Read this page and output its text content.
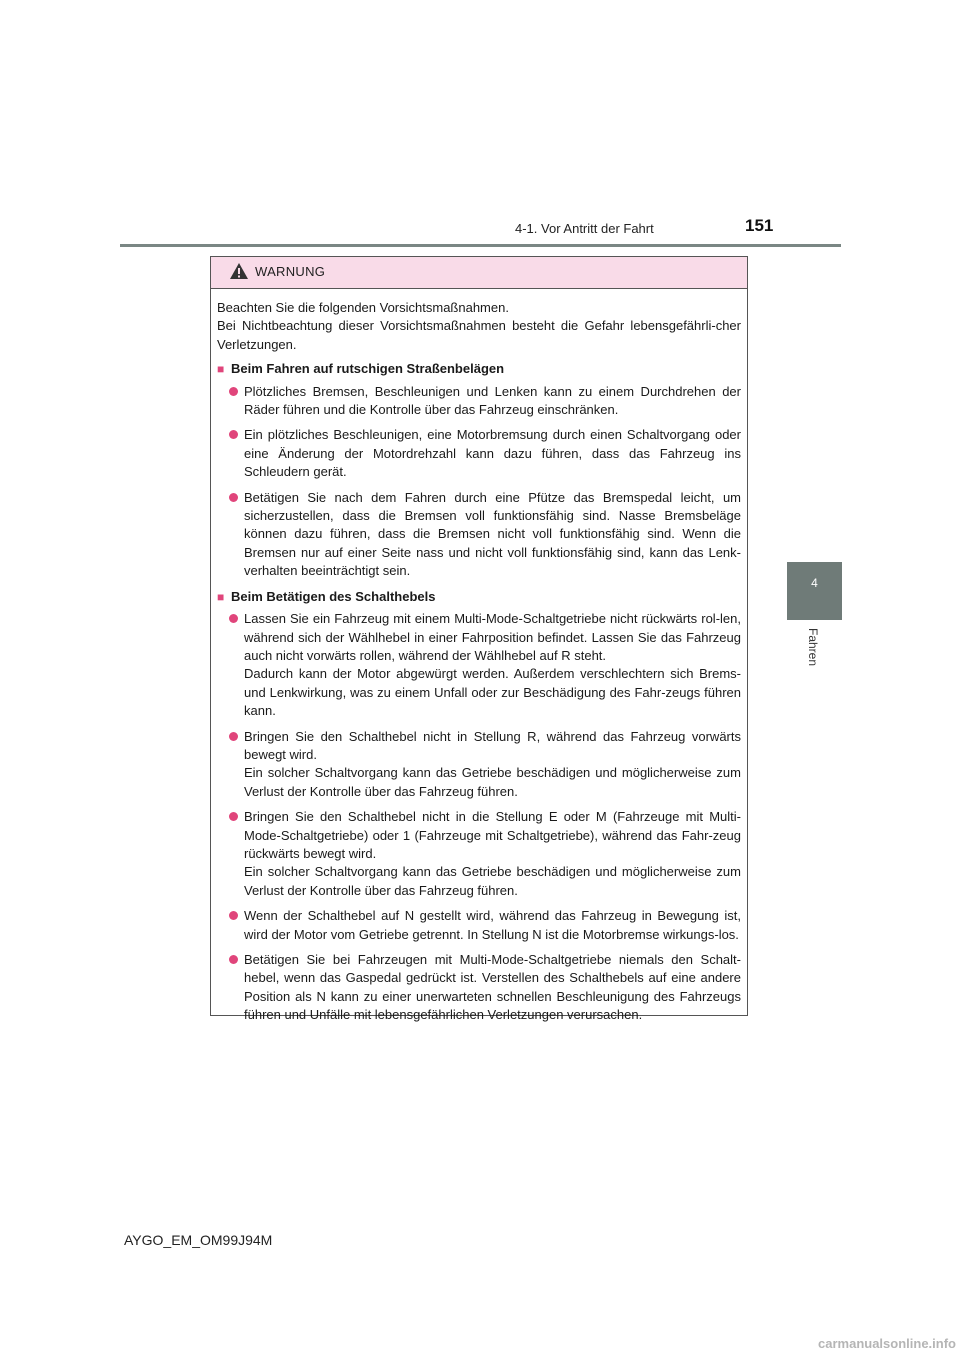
4-1. Vor Antritt der Fahrt	151
4
Fahren
WARNUNG

Beachten Sie die folgenden Vorsichtsmaßnahmen.

Bei Nichtbeachtung dieser Vorsichtsmaßnahmen besteht die Gefahr lebensgefährli-cher Verletzungen.

■ Beim Fahren auf rutschigen Straßenbelägen

Plötzliches Bremsen, Beschleunigen und Lenken kann zu einem Durchdrehen der Räder führen und die Kontrolle über das Fahrzeug einschränken.

Ein plötzliches Beschleunigen, eine Motorbremsung durch einen Schaltvorgang oder eine Änderung der Motordrehzahl kann dazu führen, dass das Fahrzeug ins Schleudern gerät.

Betätigen Sie nach dem Fahren durch eine Pfütze das Bremspedal leicht, um sicherzustellen, dass die Bremsen voll funktionsfähig sind. Nasse Bremsbeläge können dazu führen, dass die Bremsen nicht voll funktionsfähig sind. Wenn die Bremsen nur auf einer Seite nass und nicht voll funktionsfähig sind, kann das Lenk-verhalten beeinträchtigt sein.

■ Beim Betätigen des Schalthebels

Lassen Sie ein Fahrzeug mit einem Multi-Mode-Schaltgetriebe nicht rückwärts rol-len, während sich der Wählhebel in einer Fahrposition befindet. Lassen Sie das Fahrzeug auch nicht vorwärts rollen, während der Wählhebel auf R steht.
Dadurch kann der Motor abgewürgt werden. Außerdem verschlechtern sich Brems- und Lenkwirkung, was zu einem Unfall oder zur Beschädigung des Fahr-zeugs führen kann.

Bringen Sie den Schalthebel nicht in Stellung R, während das Fahrzeug vorwärts bewegt wird.
Ein solcher Schaltvorgang kann das Getriebe beschädigen und möglicherweise zum Verlust der Kontrolle über das Fahrzeug führen.

Bringen Sie den Schalthebel nicht in die Stellung E oder M (Fahrzeuge mit Multi-Mode-Schaltgetriebe) oder 1 (Fahrzeuge mit Schaltgetriebe), während das Fahr-zeug rückwärts bewegt wird.
Ein solcher Schaltvorgang kann das Getriebe beschädigen und möglicherweise zum Verlust der Kontrolle über das Fahrzeug führen.

Wenn der Schalthebel auf N gestellt wird, während das Fahrzeug in Bewegung ist, wird der Motor vom Getriebe getrennt. In Stellung N ist die Motorbremse wirkungs-los.

Betätigen Sie bei Fahrzeugen mit Multi-Mode-Schaltgetriebe niemals den Schalt-hebel, wenn das Gaspedal gedrückt ist. Verstellen des Schalthebels auf eine andere Position als N kann zu einer unerwarteten schnellen Beschleunigung des Fahrzeugs führen und Unfälle mit lebensgefährlichen Verletzungen verursachen.

AYGO_EM_OM99J94M
carmanualsonline.info
